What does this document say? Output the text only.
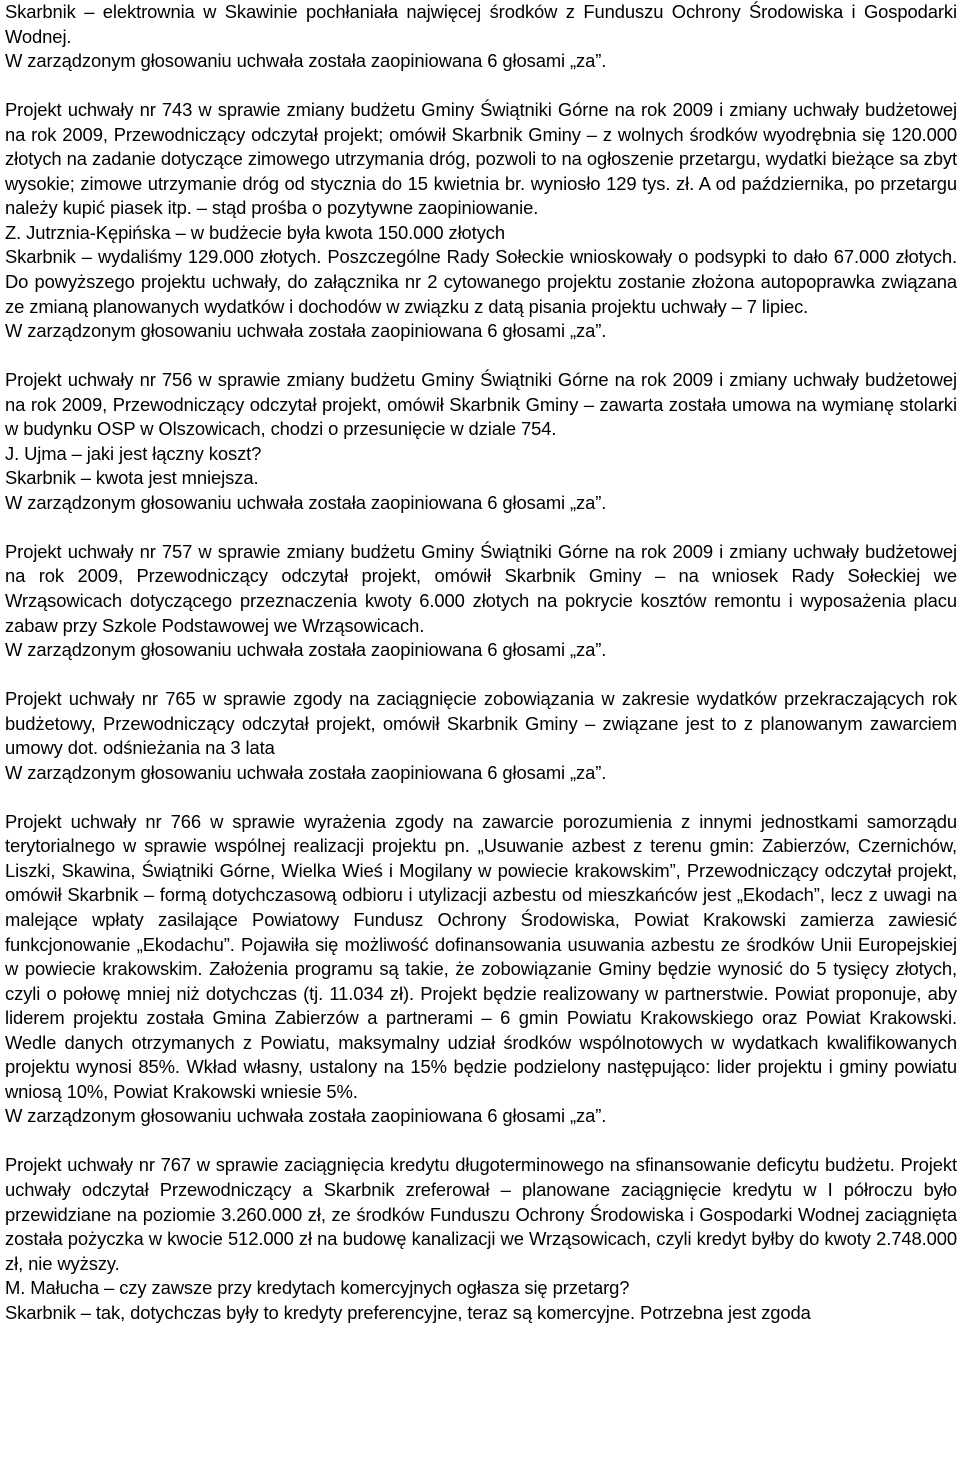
Skarbnik – elektrownia w Skawinie pochłaniała najwięcej środków z Funduszu Ochrony Środowiska i Gospodarki Wodnej.

W zarządzonym głosowaniu uchwała została zaopiniowana 6 głosami „za”.

Projekt uchwały nr 743 w sprawie zmiany budżetu Gminy Świątniki Górne na rok 2009 i zmiany uchwały budżetowej na rok 2009, Przewodniczący odczytał projekt; omówił Skarbnik Gminy – z wolnych środków wyodrębnia się 120.000 złotych na zadanie dotyczące zimowego utrzymania dróg, pozwoli to na ogłoszenie przetargu, wydatki bieżące sa zbyt wysokie; zimowe utrzymanie dróg od stycznia do 15 kwietnia br. wyniosło 129 tys. zł. A od października, po przetargu należy kupić piasek itp. – stąd prośba o pozytywne zaopiniowanie.

Z. Jutrznia-Kępińska – w budżecie była kwota 150.000 złotych

Skarbnik – wydaliśmy 129.000 złotych. Poszczególne Rady Sołeckie wnioskowały o podsypki to dało 67.000 złotych. Do powyższego projektu uchwały, do załącznika nr 2 cytowanego projektu zostanie złożona autopoprawka związana ze zmianą planowanych wydatków i dochodów w związku z datą pisania projektu uchwały – 7 lipiec.

W zarządzonym głosowaniu uchwała została zaopiniowana 6 głosami „za”.

Projekt uchwały nr 756 w sprawie zmiany budżetu Gminy Świątniki Górne na rok 2009 i zmiany uchwały budżetowej na rok 2009, Przewodniczący odczytał projekt, omówił Skarbnik Gminy – zawarta została umowa na wymianę stolarki w budynku OSP w Olszowicach, chodzi o przesunięcie w dziale 754.

J. Ujma – jaki jest łączny koszt?

Skarbnik – kwota jest mniejsza.

W zarządzonym głosowaniu uchwała została zaopiniowana 6 głosami „za”.

Projekt uchwały nr 757 w sprawie zmiany budżetu Gminy Świątniki Górne na rok 2009 i zmiany uchwały budżetowej na rok 2009, Przewodniczący odczytał projekt, omówił Skarbnik Gminy – na wniosek Rady Sołeckiej we Wrząsowicach dotyczącego przeznaczenia kwoty 6.000 złotych na pokrycie kosztów remontu i wyposażenia placu zabaw przy Szkole Podstawowej we Wrząsowicach.

W zarządzonym głosowaniu uchwała została zaopiniowana 6 głosami „za”.

Projekt uchwały nr 765 w sprawie zgody na zaciągnięcie zobowiązania w zakresie wydatków przekraczających rok budżetowy, Przewodniczący odczytał projekt, omówił Skarbnik Gminy – związane jest to z planowanym zawarciem umowy dot. odśnieżania na 3 lata

W zarządzonym głosowaniu uchwała została zaopiniowana 6 głosami „za”.

Projekt uchwały nr 766 w sprawie wyrażenia zgody na zawarcie porozumienia z innymi jednostkami samorządu terytorialnego w sprawie wspólnej realizacji projektu pn. „Usuwanie azbest z terenu gmin: Zabierzów, Czernichów, Liszki, Skawina, Świątniki Górne, Wielka Wieś i Mogilany w powiecie krakowskim”, Przewodniczący odczytał projekt, omówił Skarbnik – formą dotychczasową odbioru i utylizacji azbestu od mieszkańców jest „Ekodach”, lecz z uwagi na malejące wpłaty zasilające Powiatowy Fundusz Ochrony Środowiska, Powiat Krakowski zamierza zawiesić funkcjonowanie „Ekodachu”. Pojawiła się możliwość dofinansowania usuwania azbestu ze środków Unii Europejskiej w powiecie krakowskim. Założenia programu są takie, że zobowiązanie Gminy będzie wynosić do 5 tysięcy złotych, czyli o połowę mniej niż dotychczas (tj. 11.034 zł). Projekt będzie realizowany w partnerstwie. Powiat proponuje, aby liderem projektu została Gmina Zabierzów a partnerami – 6 gmin Powiatu Krakowskiego oraz Powiat Krakowski. Wedle danych otrzymanych z Powiatu, maksymalny udział środków wspólnotowych w wydatkach kwalifikowanych projektu wynosi 85%. Wkład własny, ustalony na 15% będzie podzielony następująco: lider projektu i gminy powiatu wniosą 10%, Powiat Krakowski wniesie 5%.

W zarządzonym głosowaniu uchwała została zaopiniowana 6 głosami „za”.

Projekt uchwały nr 767 w sprawie zaciągnięcia kredytu długoterminowego na sfinansowanie deficytu budżetu. Projekt uchwały odczytał Przewodniczący a Skarbnik zreferował – planowane zaciągnięcie kredytu w I półroczu było przewidziane na poziomie 3.260.000 zł, ze środków Funduszu Ochrony Środowiska i Gospodarki Wodnej zaciągnięta została pożyczka w kwocie 512.000 zł na budowę kanalizacji we Wrząsowicach, czyli kredyt byłby do kwoty 2.748.000 zł, nie wyższy.

M. Małucha – czy zawsze przy kredytach komercyjnych ogłasza się przetarg?

Skarbnik – tak, dotychczas były to kredyty preferencyjne, teraz są komercyjne. Potrzebna jest zgoda
